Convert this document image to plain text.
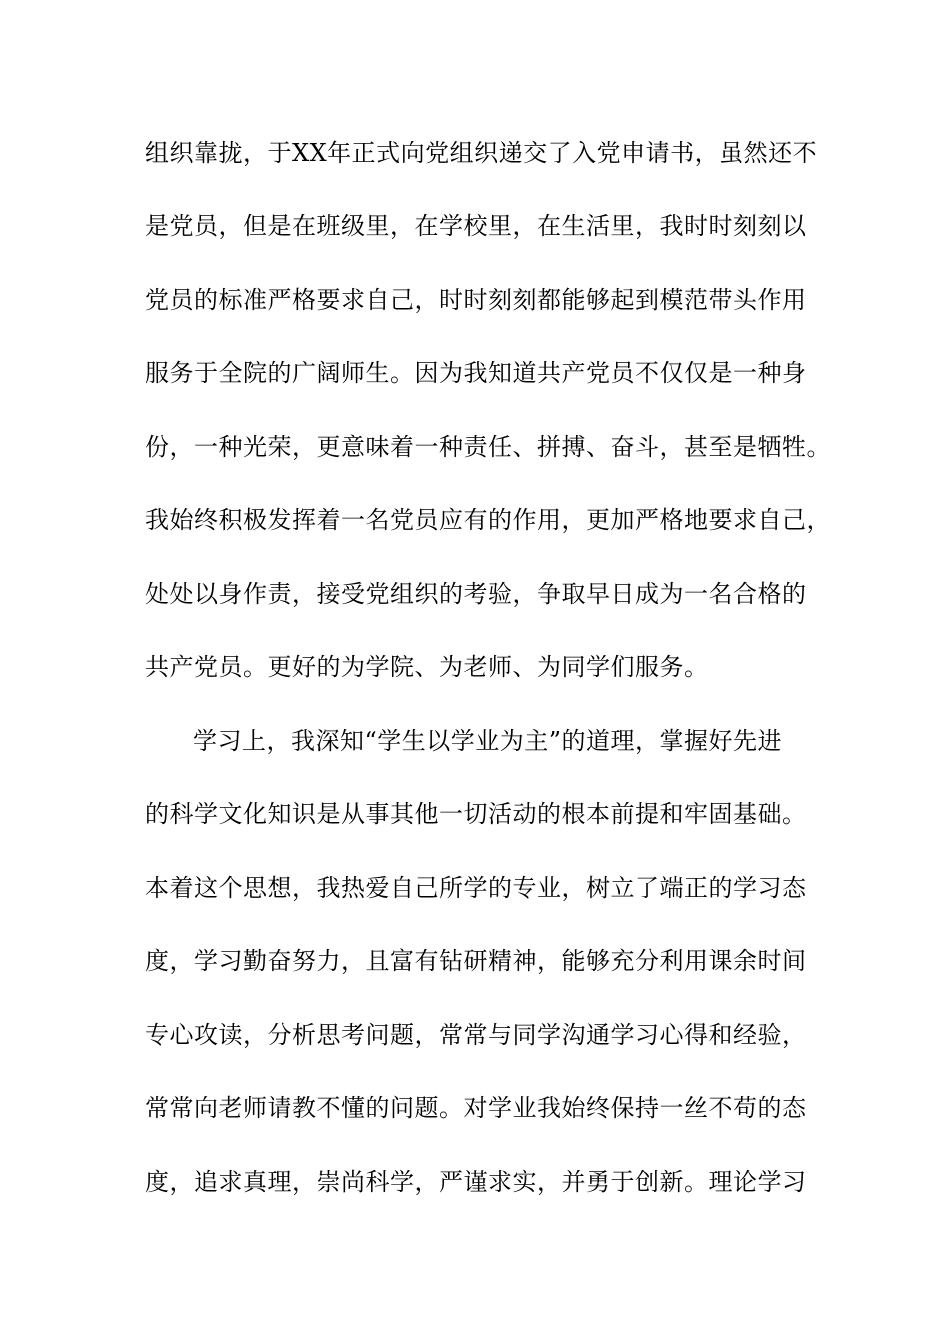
组织靠拢，于XX年正式向党组织递交了入党申请书，虽然还不
是党员，但是在班级里，在学校里，在生活里，我时时刻刻以
党员的标准严格要求自己，时时刻刻都能够起到模范带头作用
服务于全院的广阔师生。因为我知道共产党员不仅仅是一种身
份，一种光荣，更意味着一种责任、拼搏、奋斗，甚至是牺牲。
我始终积极发挥着一名党员应有的作用，更加严格地要求自己，
处处以身作责，接受党组织的考验，争取早日成为一名合格的
共产党员。更好的为学院、为老师、为同学们服务。
学习上，我深知“学生以学业为主”的道理，掌握好先进
的科学文化知识是从事其他一切活动的根本前提和牢固基础。
本着这个思想，我热爱自己所学的专业，树立了端正的学习态
度，学习勤奋努力，且富有钻研精神，能够充分利用课余时间
专心攻读，分析思考问题，常常与同学沟通学习心得和经验，
常常向老师请教不懂的问题。对学业我始终保持一丝不苟的态
度，追求真理，崇尚科学，严谨求实，并勇于创新。理论学习
